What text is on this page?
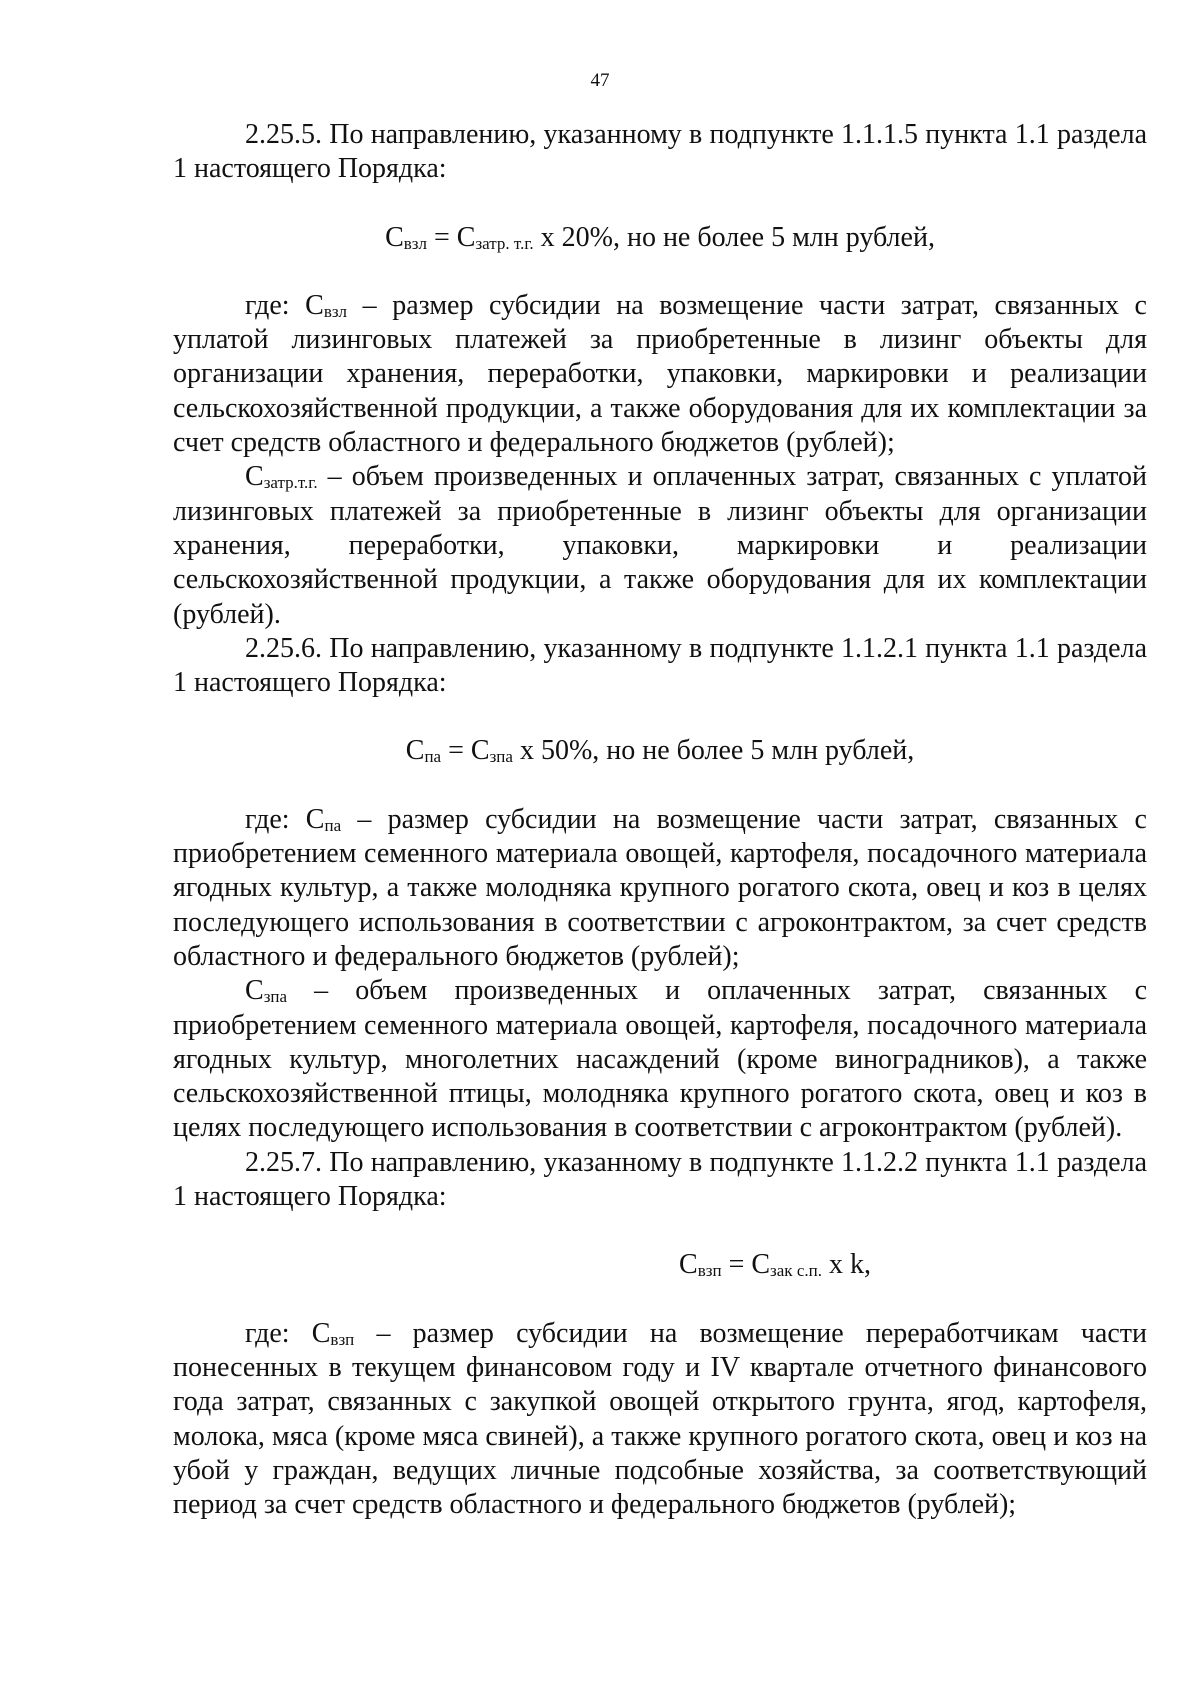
47

2.25.5. По направлению, указанному в подпункте 1.1.1.5 пункта 1.1 раздела 1 настоящего Порядка:

$С_{взл} = С_{затр. т.г.}$ х 20%, но не более 5 млн рублей,

где: $С_{взл}$ – размер субсидии на возмещение части затрат, связанных с уплатой лизинговых платежей за приобретенные в лизинг объекты для организации хранения, переработки, упаковки, маркировки и реализации сельскохозяйственной продукции, а также оборудования для их комплектации за счет средств областного и федерального бюджетов (рублей);

$С_{затр.т.г.}$ – объем произведенных и оплаченных затрат, связанных с уплатой лизинговых платежей за приобретенные в лизинг объекты для организации хранения, переработки, упаковки, маркировки и реализации сельскохозяйственной продукции, а также оборудования для их комплектации (рублей).

2.25.6. По направлению, указанному в подпункте 1.1.2.1 пункта 1.1 раздела 1 настоящего Порядка:

$С_{па} = С_{зпа}$ х 50%, но не более 5 млн рублей,

где: $С_{па}$ – размер субсидии на возмещение части затрат, связанных с приобретением семенного материала овощей, картофеля, посадочного материала ягодных культур, а также молодняка крупного рогатого скота, овец и коз в целях последующего использования в соответствии с агроконтрактом, за счет средств областного и федерального бюджетов (рублей);

$С_{зпа}$ – объем произведенных и оплаченных затрат, связанных с приобретением семенного материала овощей, картофеля, посадочного материала ягодных культур, многолетних насаждений (кроме виноградников), а также сельскохозяйственной птицы, молодняка крупного рогатого скота, овец и коз в целях последующего использования в соответствии с агроконтрактом (рублей).

2.25.7. По направлению, указанному в подпункте 1.1.2.2 пункта 1.1 раздела 1 настоящего Порядка:

$С_{взп} = С_{зак с.п.}$ х k,

где: $С_{взп}$ – размер субсидии на возмещение переработчикам части понесенных в текущем финансовом году и IV квартале отчетного финансового года затрат, связанных с закупкой овощей открытого грунта, ягод, картофеля, молока, мяса (кроме мяса свиней), а также крупного рогатого скота, овец и коз на убой у граждан, ведущих личные подсобные хозяйства, за соответствующий период за счет средств областного и федерального бюджетов (рублей);
